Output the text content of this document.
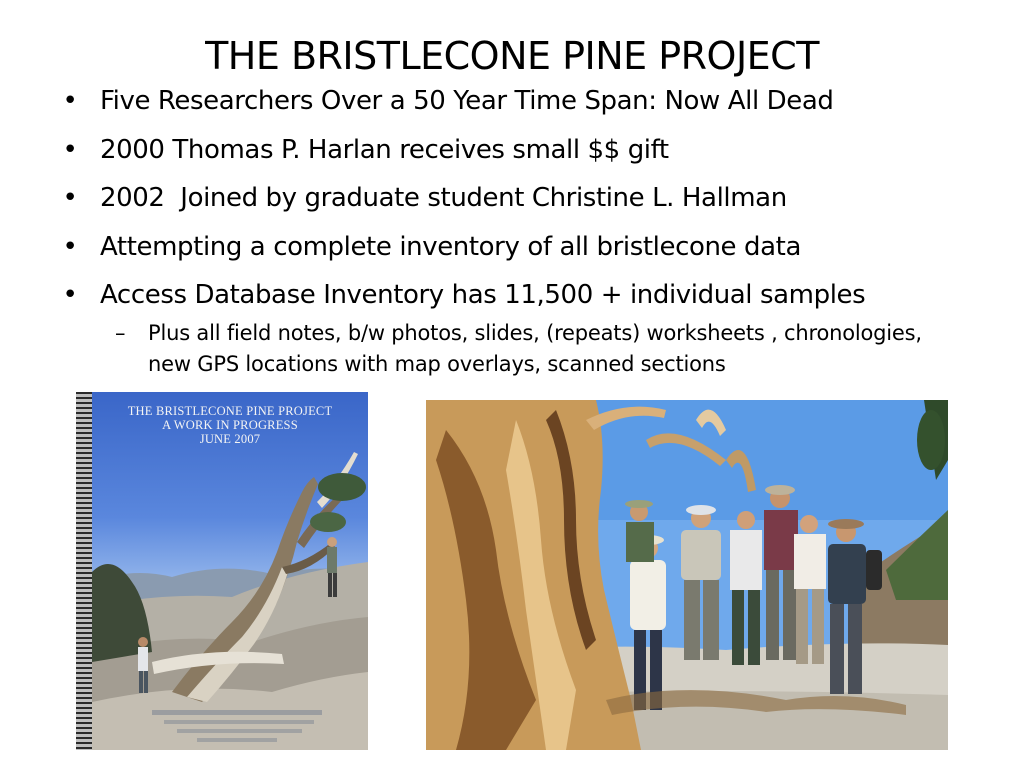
THE BRISTLECONE PINE PROJECT
• Five Researchers Over a 50 Year Time Span: Now All Dead
• 2000 Thomas P. Harlan receives small $$ gift
• 2002  Joined by graduate student Christine L. Hallman
• Attempting a complete inventory of all bristlecone data
• Access Database Inventory has 11,500 + individual samples
– Plus all field notes, b/w photos, slides, (repeats) worksheets , chronologies, new GPS locations with map overlays, scanned sections
THE BRISTLECONE PINE PROJECT
A WORK IN PROGRESS
JUNE 2007
